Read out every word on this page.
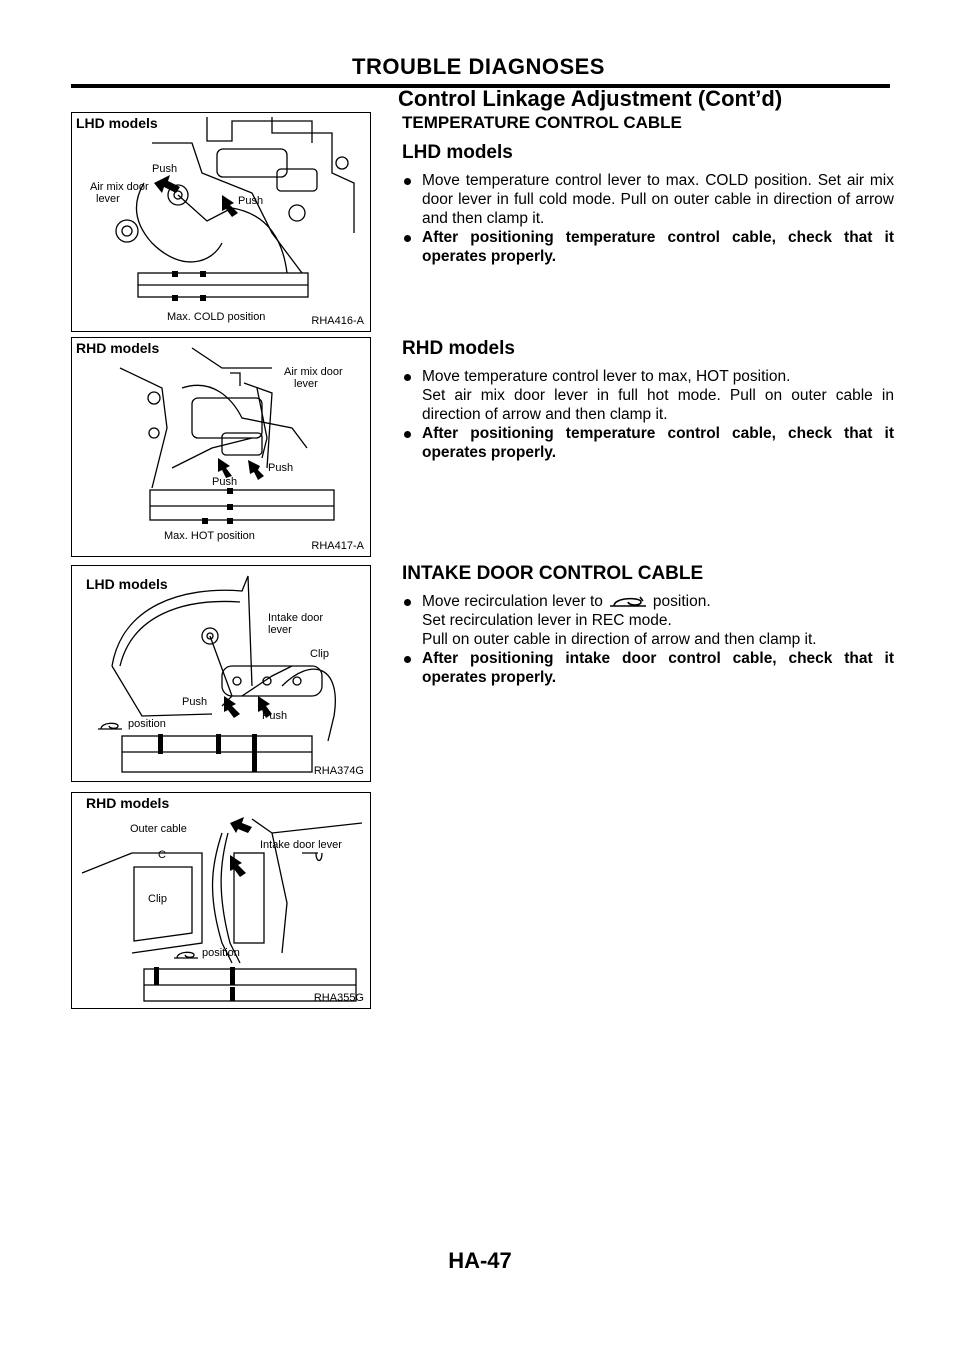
TROUBLE DIAGNOSES
Control Linkage Adjustment (Cont’d)
LHD models
Push
Air mix door
lever	Push
Max. COLD position	RHA416-A
RHD models
Air mix door
lever
Push
Push
Max. HOT position
RHA417-A
LHD models
Intake door
lever
Clip
Push
Push
position
RHA374G
RHD models
Outer cable
Intake door lever
C
Clip
position
RHA355G
TEMPERATURE CONTROL CABLE
LHD models
Move temperature control lever to max. COLD position. Set air mix door lever in full cold mode. Pull on outer cable in direction of arrow and then clamp it.
After positioning temperature control cable, check that it operates properly.
RHD models
Move temperature control lever to max, HOT position.
Set air mix door lever in full hot mode. Pull on outer cable in direction of arrow and then clamp it.
After positioning temperature control cable, check that it operates properly.
INTAKE DOOR CONTROL CABLE
Move recirculation lever to	position.
Set recirculation lever in REC mode.
Pull on outer cable in direction of arrow and then clamp it.
After positioning intake door control cable, check that it operates properly.
HA-47
